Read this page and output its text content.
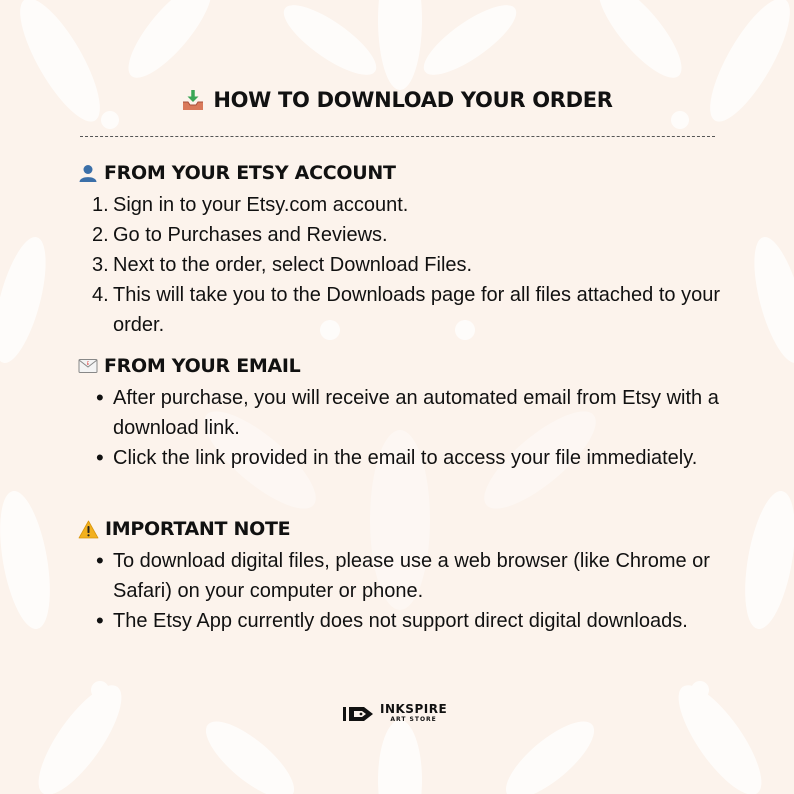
HOW TO DOWNLOAD YOUR ORDER
FROM YOUR ETSY ACCOUNT
1. Sign in to your Etsy.com account.
2. Go to Purchases and Reviews.
3. Next to the order, select Download Files.
4. This will take you to the Downloads page for all files attached to your order.
E FROM YOUR EMAIL
• After purchase, you will receive an automated email from Etsy with a download link.
• Click the link provided in the email to access your file immediately.
IMPORTANT NOTE
• To download digital files, please use a web browser (like Chrome or Safari) on your computer or phone.
• The Etsy App currently does not support direct digital downloads.
INKSPIRE
ART STORE
